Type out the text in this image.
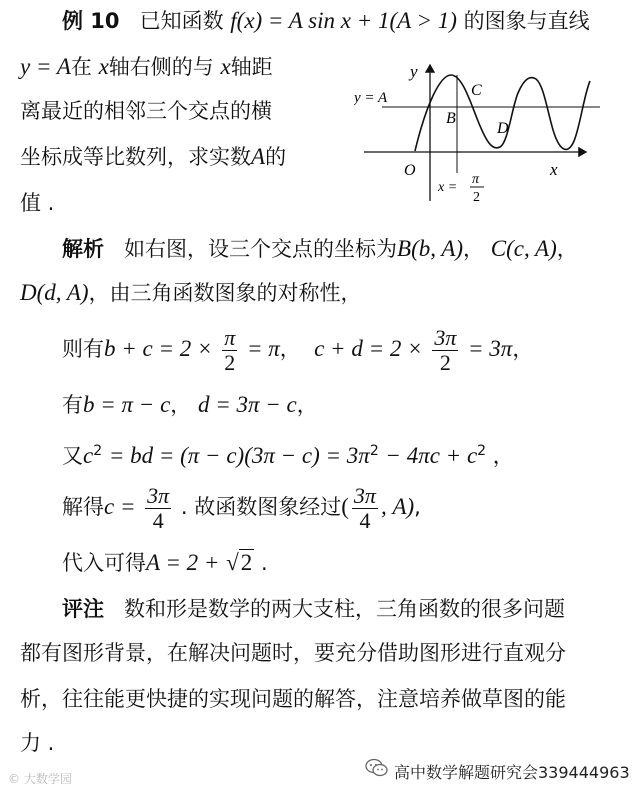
例 10 已知函数 f(x) = A sin x + 1(A > 1) 的图象与直线
y = A在 x轴右侧的与 x轴距
离最近的相邻三个交点的横
坐标成等比数列，求实数A的
值 .
y
y = A	C
B
D
O	x
x =
π
2
解析 如右图，设三个交点的坐标为B(b, A)， C(c, A)，
D(d, A)，由三角函数图象的对称性，
则有$b + c = 2 \times \frac{\pi}{2} = \pi$， $c + d = 2 \times \frac{3\pi}{2} = 3\pi$，
有b = π − c， d = 3π − c，
又$c^2$ = bd = $(\pi - c)(3\pi - c) = 3\pi^2 - 4\pi c + c^2$ ，
解得$c = \frac{3\pi}{4}$ . 故函数图象经过( $\frac{3\pi}{4}$ , A),
代入可得A = 2 + √2 .
评注 数和形是数学的两大支柱，三角函数的很多问题
都有图形背景，在解决问题时，要充分借助图形进行直观分
析，往往能更快捷的实现问题的解答，注意培养做草图的能
力 .
© 大数学园	高中数学解题研究会339444963
